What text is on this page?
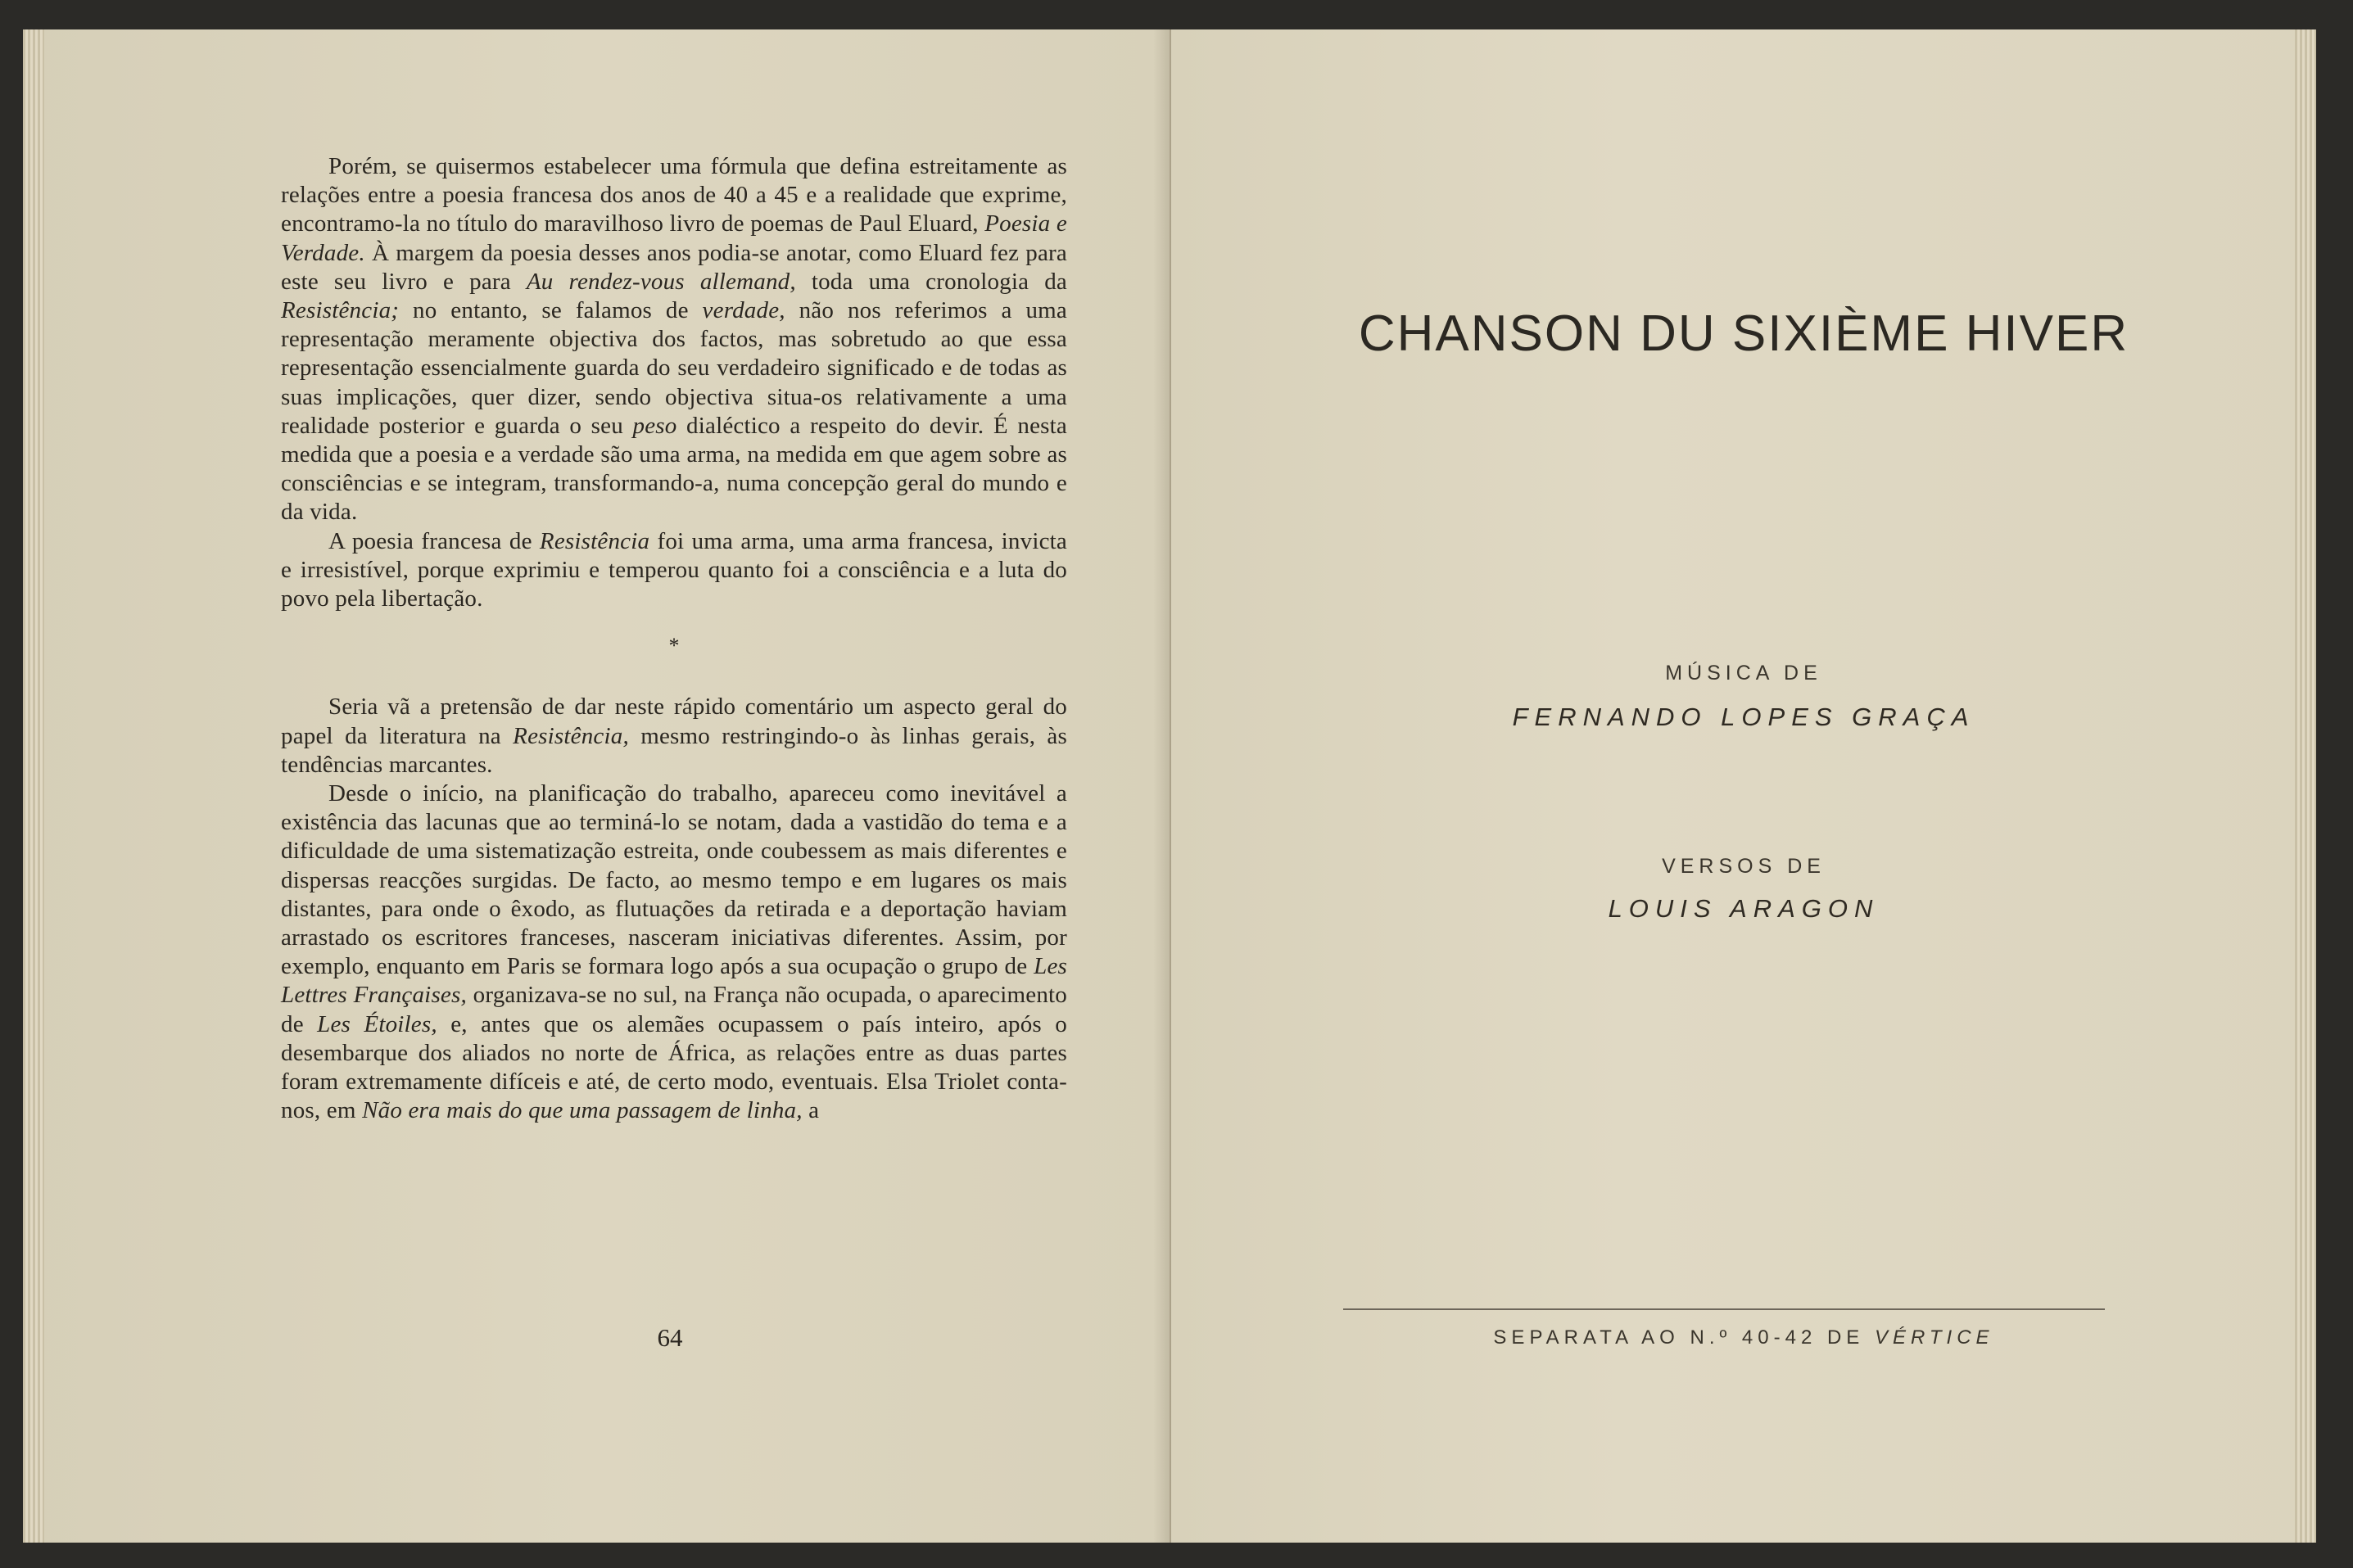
Porém, se quisermos estabelecer uma fórmula que defina estreitamente as relações entre a poesia francesa dos anos de 40 a 45 e a realidade que exprime, encontramo-la no título do maravilhoso livro de poemas de Paul Eluard, Poesia e Verdade. À margem da poesia desses anos podia-se anotar, como Eluard fez para este seu livro e para Au rendez-vous allemand, toda uma cronologia da Resistência; no entanto, se falamos de verdade, não nos referimos a uma representação meramente objectiva dos factos, mas sobretudo ao que essa representação essencialmente guarda do seu verdadeiro significado e de todas as suas implicações, quer dizer, sendo objectiva situa-os relativamente a uma realidade posterior e guarda o seu peso dialéctico a respeito do devir. É nesta medida que a poesia e a verdade são uma arma, na medida em que agem sobre as consciências e se integram, transformando-a, numa concepção geral do mundo e da vida.

A poesia francesa de Resistência foi uma arma, uma arma francesa, invicta e irresistível, porque exprimiu e temperou quanto foi a consciência e a luta do povo pela libertação.

*

Seria vã a pretensão de dar neste rápido comentário um aspecto geral do papel da literatura na Resistência, mesmo restringindo-o às linhas gerais, às tendências marcantes.

Desde o início, na planificação do trabalho, apareceu como inevitável a existência das lacunas que ao terminá-lo se notam, dada a vastidão do tema e a dificuldade de uma sistematização estreita, onde coubessem as mais diferentes e dispersas reacções surgidas. De facto, ao mesmo tempo e em lugares os mais distantes, para onde o êxodo, as flutuações da retirada e a deportação haviam arrastado os escritores franceses, nasceram iniciativas diferentes. Assim, por exemplo, enquanto em Paris se formara logo após a sua ocupação o grupo de Les Lettres Françaises, organizava-se no sul, na França não ocupada, o aparecimento de Les Étoiles, e, antes que os alemães ocupassem o país inteiro, após o desembarque dos aliados no norte de África, as relações entre as duas partes foram extremamente difíceis e até, de certo modo, eventuais. Elsa Triolet conta-nos, em Não era mais do que uma passagem de linha, a

64
CHANSON DU SIXIÈME HIVER
MÚSICA DE
FERNANDO LOPES GRAÇA
VERSOS DE
LOUIS ARAGON
SEPARATA AO N.º 40-42 DE VÉRTICE
